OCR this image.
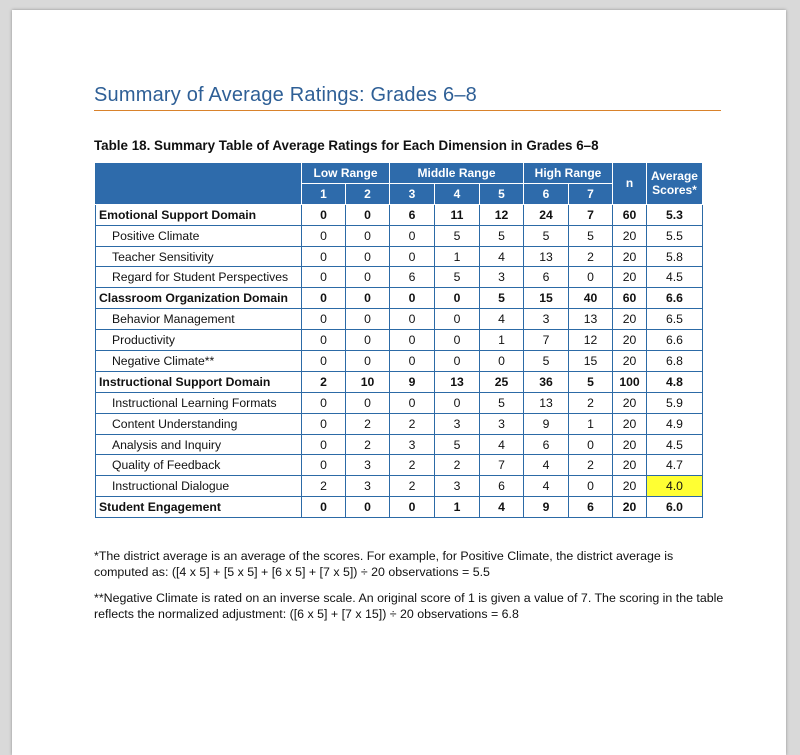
Summary of Average Ratings: Grades 6–8
Table 18. Summary Table of Average Ratings for Each Dimension in Grades 6–8
	Low Range		Middle Range			High Range		n	Average
Scores*

	1	2	3	4	5	6	7		
Emotional Support Domain	0	0	6	11	12	24	7	60	5.3
Positive Climate	0	0	0	5	5	5	5	20	5.5
Teacher Sensitivity	0	0	0	1	4	13	2	20	5.8
Regard for Student Perspectives	0	0	6	5	3	6	0	20	4.5
Classroom Organization Domain	0	0	0	0	5	15	40	60	6.6
Behavior Management	0	0	0	0	4	3	13	20	6.5
Productivity	0	0	0	0	1	7	12	20	6.6
Negative Climate**	0	0	0	0	0	5	15	20	6.8
Instructional Support Domain	2	10	9	13	25	36	5	100	4.8
Instructional Learning Formats	0	0	0	0	5	13	2	20	5.9
Content Understanding	0	2	2	3	3	9	1	20	4.9
Analysis and Inquiry	0	2	3	5	4	6	0	20	4.5
Quality of Feedback	0	3	2	2	7	4	2	20	4.7
Instructional Dialogue	2	3	2	3	6	4	0	20	4.0
Student Engagement	0	0	0	1	4	9	6	20	6.0
*The district average is an average of the scores. For example, for Positive Climate, the district average is computed as: ([4 x 5] + [5 x 5] + [6 x 5] + [7 x 5]) ÷ 20 observations = 5.5
**Negative Climate is rated on an inverse scale. An original score of 1 is given a value of 7. The scoring in the table reflects the normalized adjustment: ([6 x 5] + [7 x 15]) ÷ 20 observations = 6.8
